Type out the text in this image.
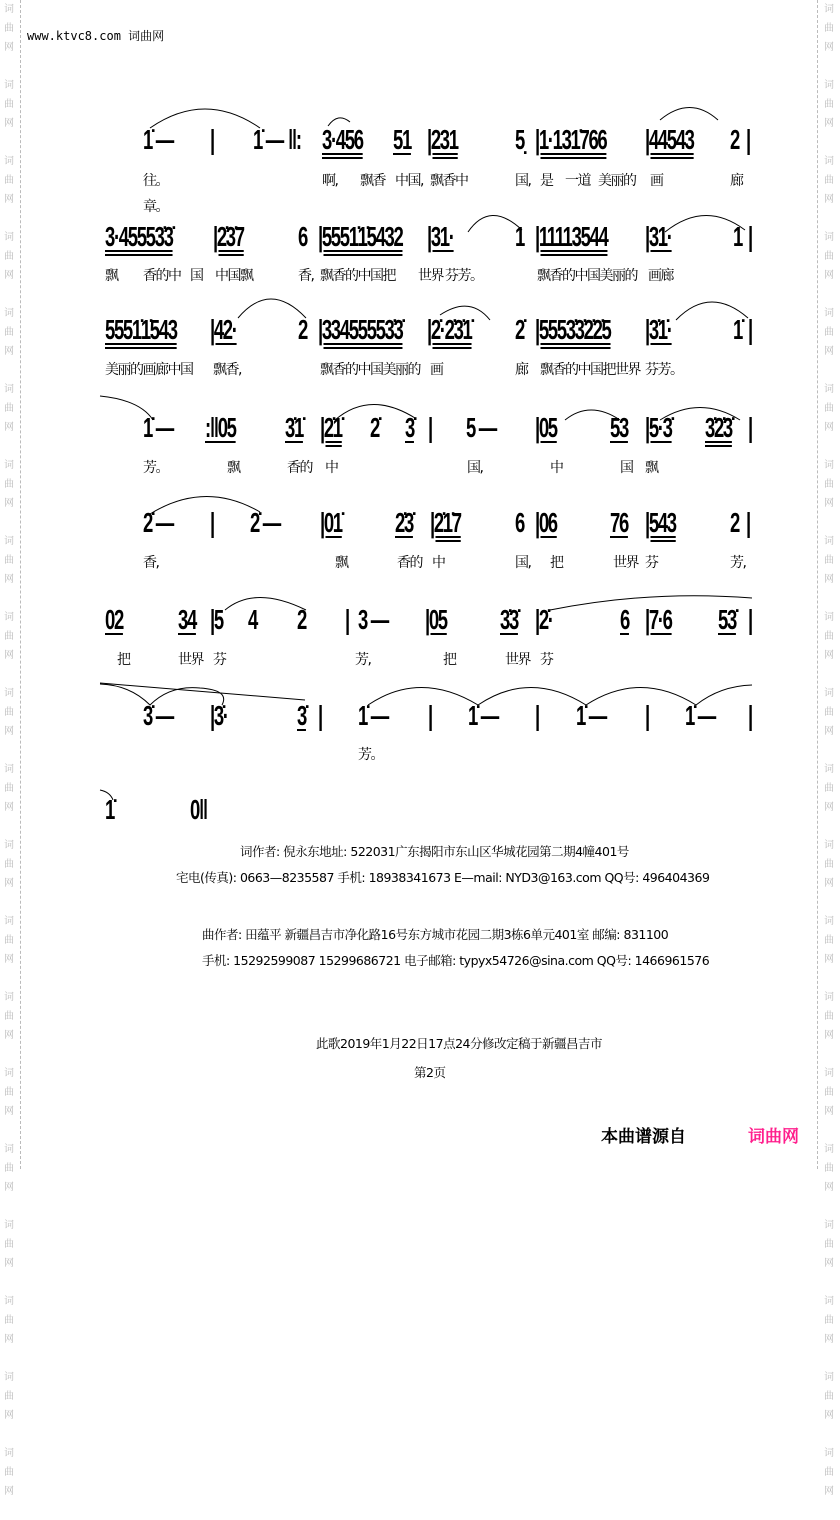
词
曲
网

词
曲
网

词
曲
网

词
曲
网

词
曲
网

词
曲
网

词
曲
网

词
曲
网

词
曲
网

词
曲
网

词
曲
网

词
曲
网

词
曲
网

词
曲
网

词
曲
网

词
曲
网

词
曲
网

词
曲
网

词
曲
网

词
曲
网

词
曲
网

词
曲
网

词
曲
网

词
曲
网

词
曲
网

词
曲
网

词
曲
网

词
曲
网

词
曲
网

词
曲
网

词
曲
网

词
曲
网

词
曲
网

词
曲
网

词
曲
网

词
曲
网

词
曲
网

词
曲
网

词
曲
网

词
曲
网

www.ktvc8.com 词曲网
1̇ — | 1̇ — ‖: 3·456 51 |231 5̣ |1·131̇766 |44543 2 |
往。	啊, 飘香 中国, 飘香中	国, 是 一道 美丽的 画	廊
章。
3·45553̇3̇ |2̇3̇7 6 |5551̇1̇5432 |31· 1 |11113544 |31· 1 |
飘 香的中 国 中国飘	香, 飘香的中国把 世界 芬芳。	飘香的中国美丽的 画廊
5551̇1̇543 |42· 2 |33455553̇3̇ |2̇·2̇3̇1̇ 2̇ |5553̇3̇2̇2̇5 |3̇1̇· 1̇ |
美丽的画廊中国 飘香,	飘香的中国美丽的 画	廊 飘香的中国把世界 芬芳。
1̇ — :‖05 3̇1̇ |2̇1̇ 2̇ 3̇ | 5 — |05 53 |5·3̇ 3̇2̇3̇ |
芳。	飘	香的 中	国,	中	国 飘
2̇ — | 2̇ — |01̇ 2̇3̇ |2̇1̇7 6 |06 76 |543 2 |
香,	飘	香的 中	国, 把	世界 芬	芳,
02 34 |5 4 2 | 3 — |05 3̇3̇ |2̇· 6 |7·6 53̇ |
把	世界 芬	芳,	把	世界 芬
3̇ — |3̇· 3̇ | 1̇ — | 1̇ — | 1̇ — | 1̇ — |
芳。
1̇	0‖
词作者: 倪永东地址: 522031广东揭阳市东山区华城花园第二期4幢401号
宅电(传真): 0663—8235587 手机: 18938341673 E—mail: NYD3@163.com QQ号: 496404369
曲作者: 田蕴平 新疆昌吉市净化路16号东方城市花园二期3栋6单元401室 邮编: 831100
手机: 15292599087 15299686721 电子邮箱: typyx54726@sina.com QQ号: 1466961576
此歌2019年1月22日17点24分修改定稿于新疆昌吉市
第2页
本曲谱源自	词曲网
